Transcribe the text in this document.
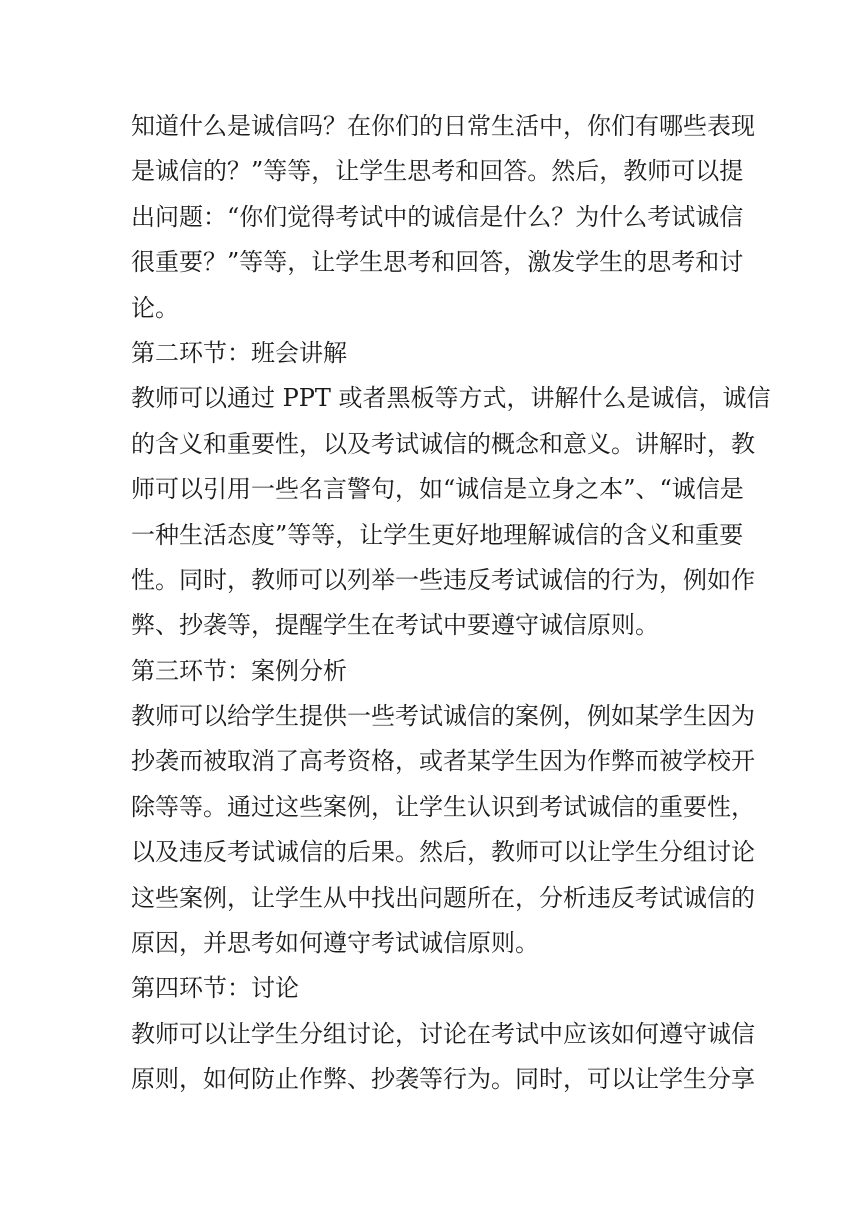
知道什么是诚信吗？在你们的日常生活中，你们有哪些表现
是诚信的？”等等，让学生思考和回答。然后，教师可以提
出问题：“你们觉得考试中的诚信是什么？为什么考试诚信
很重要？”等等，让学生思考和回答，激发学生的思考和讨
论。
第二环节：班会讲解
教师可以通过 PPT 或者黑板等方式，讲解什么是诚信，诚信
的含义和重要性，以及考试诚信的概念和意义。讲解时，教
师可以引用一些名言警句，如“诚信是立身之本”、“诚信是
一种生活态度”等等，让学生更好地理解诚信的含义和重要
性。同时，教师可以列举一些违反考试诚信的行为，例如作
弊、抄袭等，提醒学生在考试中要遵守诚信原则。
第三环节：案例分析
教师可以给学生提供一些考试诚信的案例，例如某学生因为
抄袭而被取消了高考资格，或者某学生因为作弊而被学校开
除等等。通过这些案例，让学生认识到考试诚信的重要性，
以及违反考试诚信的后果。然后，教师可以让学生分组讨论
这些案例，让学生从中找出问题所在，分析违反考试诚信的
原因，并思考如何遵守考试诚信原则。
第四环节：讨论
教师可以让学生分组讨论，讨论在考试中应该如何遵守诚信
原则，如何防止作弊、抄袭等行为。同时，可以让学生分享
